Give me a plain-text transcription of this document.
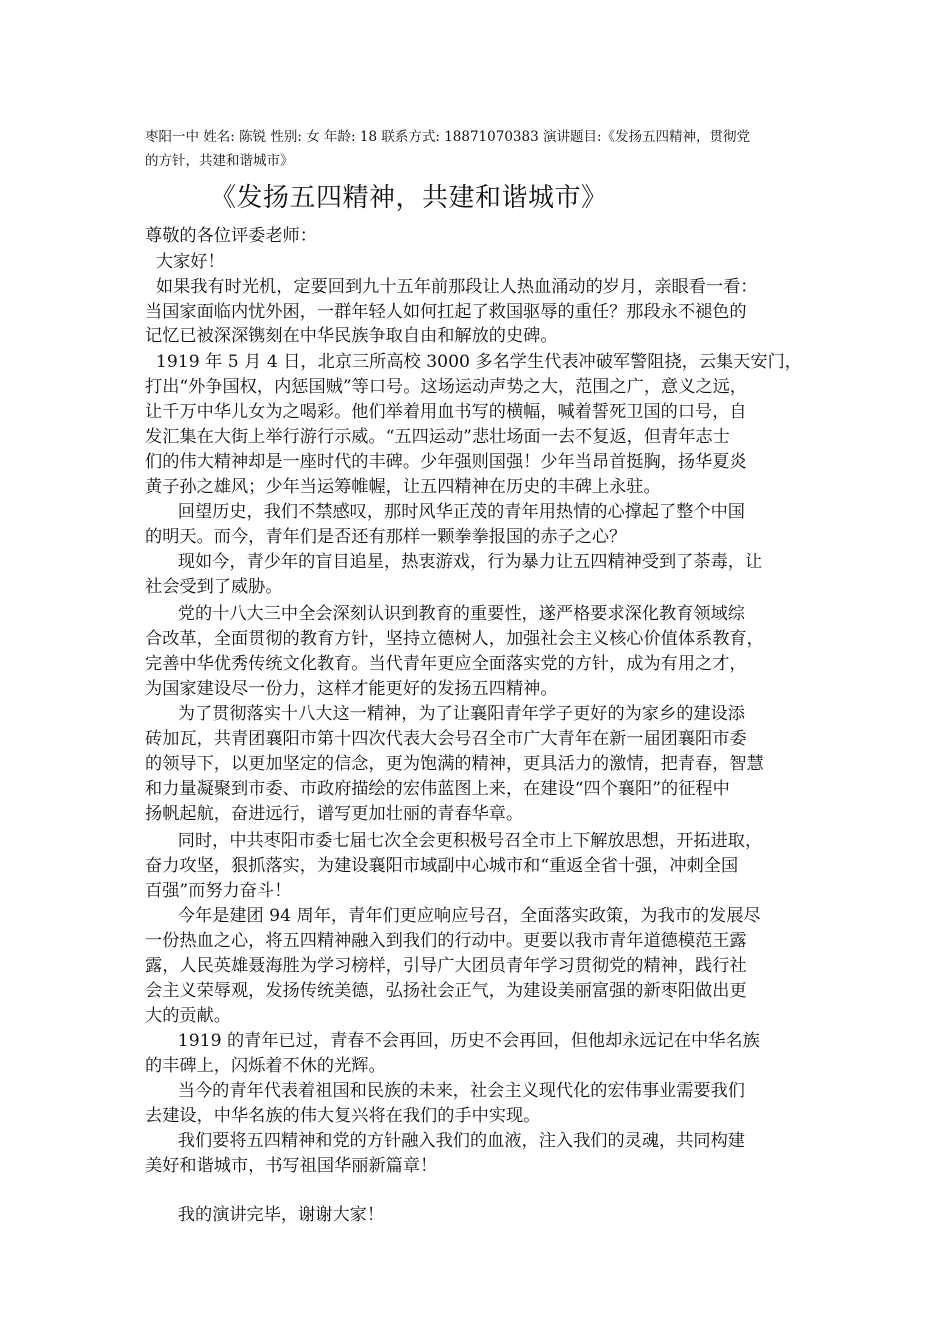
枣阳一中 姓名: 陈锐 性别: 女 年龄: 18 联系方式: 18871070383 演讲题目:《发扬五四精神，贯彻党
的方针，共建和谐城市》
《发扬五四精神，共建和谐城市》
尊敬的各位评委老师：
大家好！
如果我有时光机，定要回到九十五年前那段让人热血涌动的岁月，亲眼看一看：
当国家面临内忧外困，一群年轻人如何扛起了救国驱辱的重任？那段永不褪色的
记忆已被深深镌刻在中华民族争取自由和解放的史碑。
1919 年 5 月 4 日，北京三所高校 3000 多名学生代表冲破军警阻挠，云集天安门，
打出“外争国权，内惩国贼”等口号。这场运动声势之大，范围之广，意义之远，
让千万中华儿女为之喝彩。他们举着用血书写的横幅，喊着誓死卫国的口号，自
发汇集在大街上举行游行示威。“五四运动”悲壮场面一去不复返，但青年志士
们的伟大精神却是一座时代的丰碑。少年强则国强！少年当昂首挺胸，扬华夏炎
黄子孙之雄风；少年当运筹帷幄，让五四精神在历史的丰碑上永驻。
回望历史，我们不禁感叹，那时风华正茂的青年用热情的心撑起了整个中国
的明天。而今，青年们是否还有那样一颗拳拳报国的赤子之心？
现如今，青少年的盲目追星，热衷游戏，行为暴力让五四精神受到了荼毒，让
社会受到了威胁。
党的十八大三中全会深刻认识到教育的重要性，遂严格要求深化教育领域综
合改革，全面贯彻的教育方针，坚持立德树人，加强社会主义核心价值体系教育，
完善中华优秀传统文化教育。当代青年更应全面落实党的方针，成为有用之才，
为国家建设尽一份力，这样才能更好的发扬五四精神。
为了贯彻落实十八大这一精神，为了让襄阳青年学子更好的为家乡的建设添
砖加瓦，共青团襄阳市第十四次代表大会号召全市广大青年在新一届团襄阳市委
的领导下，以更加坚定的信念，更为饱满的精神，更具活力的激情，把青春，智慧
和力量凝聚到市委、市政府描绘的宏伟蓝图上来，在建设“四个襄阳”的征程中
扬帆起航，奋进远行，谱写更加壮丽的青春华章。
同时，中共枣阳市委七届七次全会更积极号召全市上下解放思想，开拓进取，
奋力攻坚，狠抓落实，为建设襄阳市域副中心城市和“重返全省十强，冲刺全国
百强”而努力奋斗！
今年是建团 94 周年，青年们更应响应号召，全面落实政策，为我市的发展尽
一份热血之心，将五四精神融入到我们的行动中。更要以我市青年道德模范王露
露，人民英雄聂海胜为学习榜样，引导广大团员青年学习贯彻党的精神，践行社
会主义荣辱观，发扬传统美德，弘扬社会正气，为建设美丽富强的新枣阳做出更
大的贡献。
1919 的青年已过，青春不会再回，历史不会再回，但他却永远记在中华名族
的丰碑上，闪烁着不休的光辉。
当今的青年代表着祖国和民族的未来，社会主义现代化的宏伟事业需要我们
去建设，中华名族的伟大复兴将在我们的手中实现。
我们要将五四精神和党的方针融入我们的血液，注入我们的灵魂，共同构建
美好和谐城市，书写祖国华丽新篇章！
我的演讲完毕，谢谢大家！
